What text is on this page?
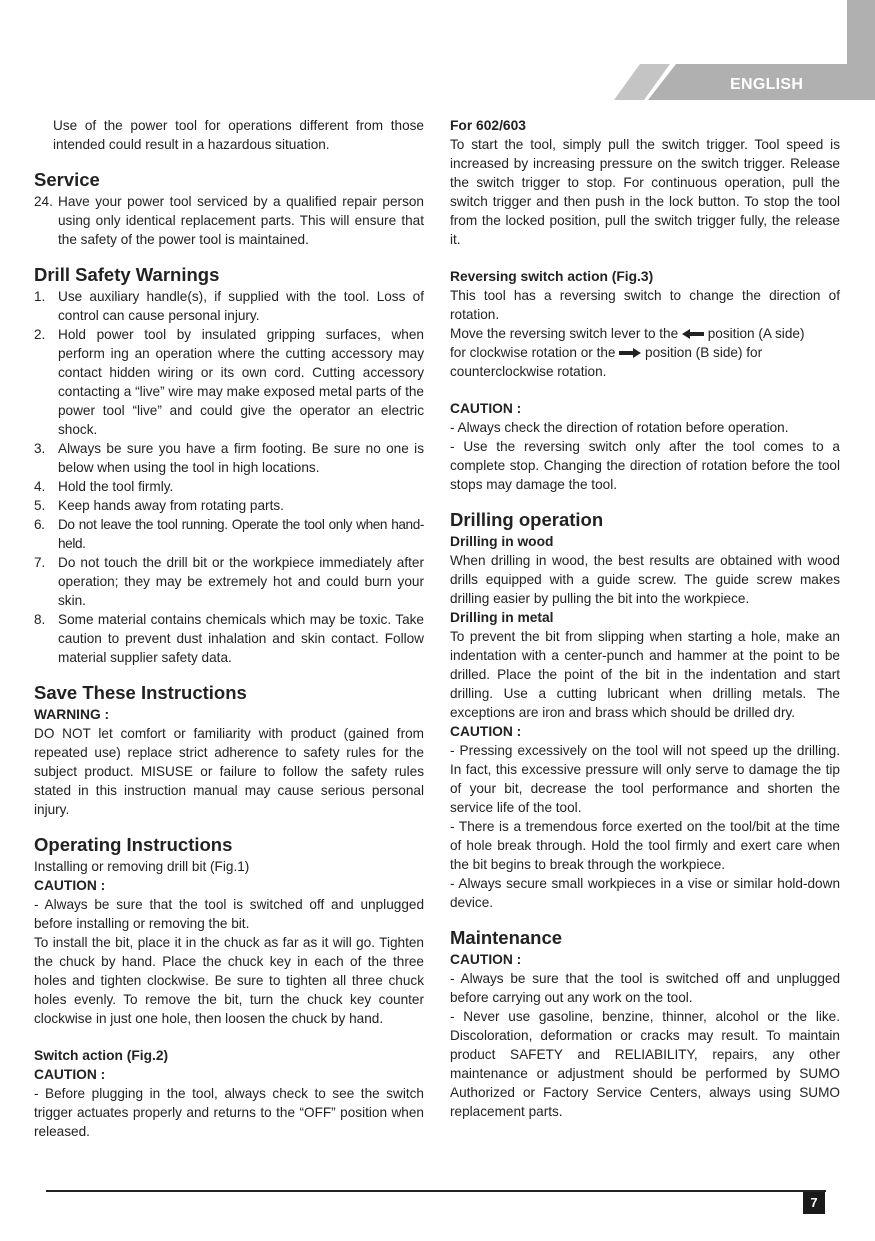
ENGLISH

Use of the power tool for operations different from those intended could result in a hazardous situation.

Service
24. Have your power tool serviced by a qualified repair person using only identical replacement parts. This will ensure that the safety of the power tool is maintained.
Drill Safety Warnings
1. Use auxiliary handle(s), if supplied with the tool. Loss of control can cause personal injury.
2. Hold power tool by insulated gripping surfaces, when perform ing an operation where the cutting accessory may contact hidden wiring or its own cord. Cutting accessory contacting a “live” wire may make exposed metal parts of the power tool “live” and could give the operator an electric shock.
3. Always be sure you have a firm footing. Be sure no one is below when using the tool in high locations.
4. Hold the tool firmly.
5. Keep hands away from rotating parts.
6. Do not leave the tool running. Operate the tool only when hand-held.
7. Do not touch the drill bit or the workpiece immediately after operation; they may be extremely hot and could burn your skin.
8. Some material contains chemicals which may be toxic. Take caution to prevent dust inhalation and skin contact. Follow material supplier safety data.
Save These Instructions
WARNING :

DO NOT let comfort or familiarity with product (gained from repeated use) replace strict adherence to safety rules for the subject product. MISUSE or failure to follow the safety rules stated in this instruction manual may cause serious personal injury.

Operating Instructions

Installing or removing drill bit (Fig.1)

CAUTION :

- Always be sure that the tool is switched off and unplugged before installing or removing the bit.

To install the bit, place it in the chuck as far as it will go. Tighten the chuck by hand. Place the chuck key in each of the three holes and tighten clockwise. Be sure to tighten all three chuck holes evenly. To remove the bit, turn the chuck key counter clockwise in just one hole, then loosen the chuck by hand.

Switch action (Fig.2)
CAUTION :

- Before plugging in the tool, always check to see the switch trigger actuates properly and returns to the “OFF” position when released.

For 602/603

To start the tool, simply pull the switch trigger. Tool speed is increased by increasing pressure on the switch trigger. Release the switch trigger to stop. For continuous operation, pull the switch trigger and then push in the lock button. To stop the tool from the locked position, pull the switch trigger fully, the release it.

Reversing switch action (Fig.3)

This tool has a reversing switch to change the direction of rotation.

Move the reversing switch lever to the position (A side)

for clockwise rotation or the position (B side) for

counterclockwise rotation.

CAUTION :

- Always check the direction of rotation before operation.

- Use the reversing switch only after the tool comes to a complete stop. Changing the direction of rotation before the tool stops may damage the tool.

Drilling operation
Drilling in wood

When drilling in wood, the best results are obtained with wood drills equipped with a guide screw. The guide screw makes drilling easier by pulling the bit into the workpiece.

Drilling in metal

To prevent the bit from slipping when starting a hole, make an indentation with a center-punch and hammer at the point to be drilled. Place the point of the bit in the indentation and start drilling. Use a cutting lubricant when drilling metals. The exceptions are iron and brass which should be drilled dry.

CAUTION :

- Pressing excessively on the tool will not speed up the drilling. In fact, this excessive pressure will only serve to damage the tip of your bit, decrease the tool performance and shorten the service life of the tool.

- There is a tremendous force exerted on the tool/bit at the time of hole break through. Hold the tool firmly and exert care when the bit begins to break through the workpiece.

- Always secure small workpieces in a vise or similar hold-down device.

Maintenance
CAUTION :

- Always be sure that the tool is switched off and unplugged before carrying out any work on the tool.

- Never use gasoline, benzine, thinner, alcohol or the like. Discoloration, deformation or cracks may result. To maintain product SAFETY and RELIABILITY, repairs, any other maintenance or adjustment should be performed by SUMO Authorized or Factory Service Centers, always using SUMO replacement parts.

7
